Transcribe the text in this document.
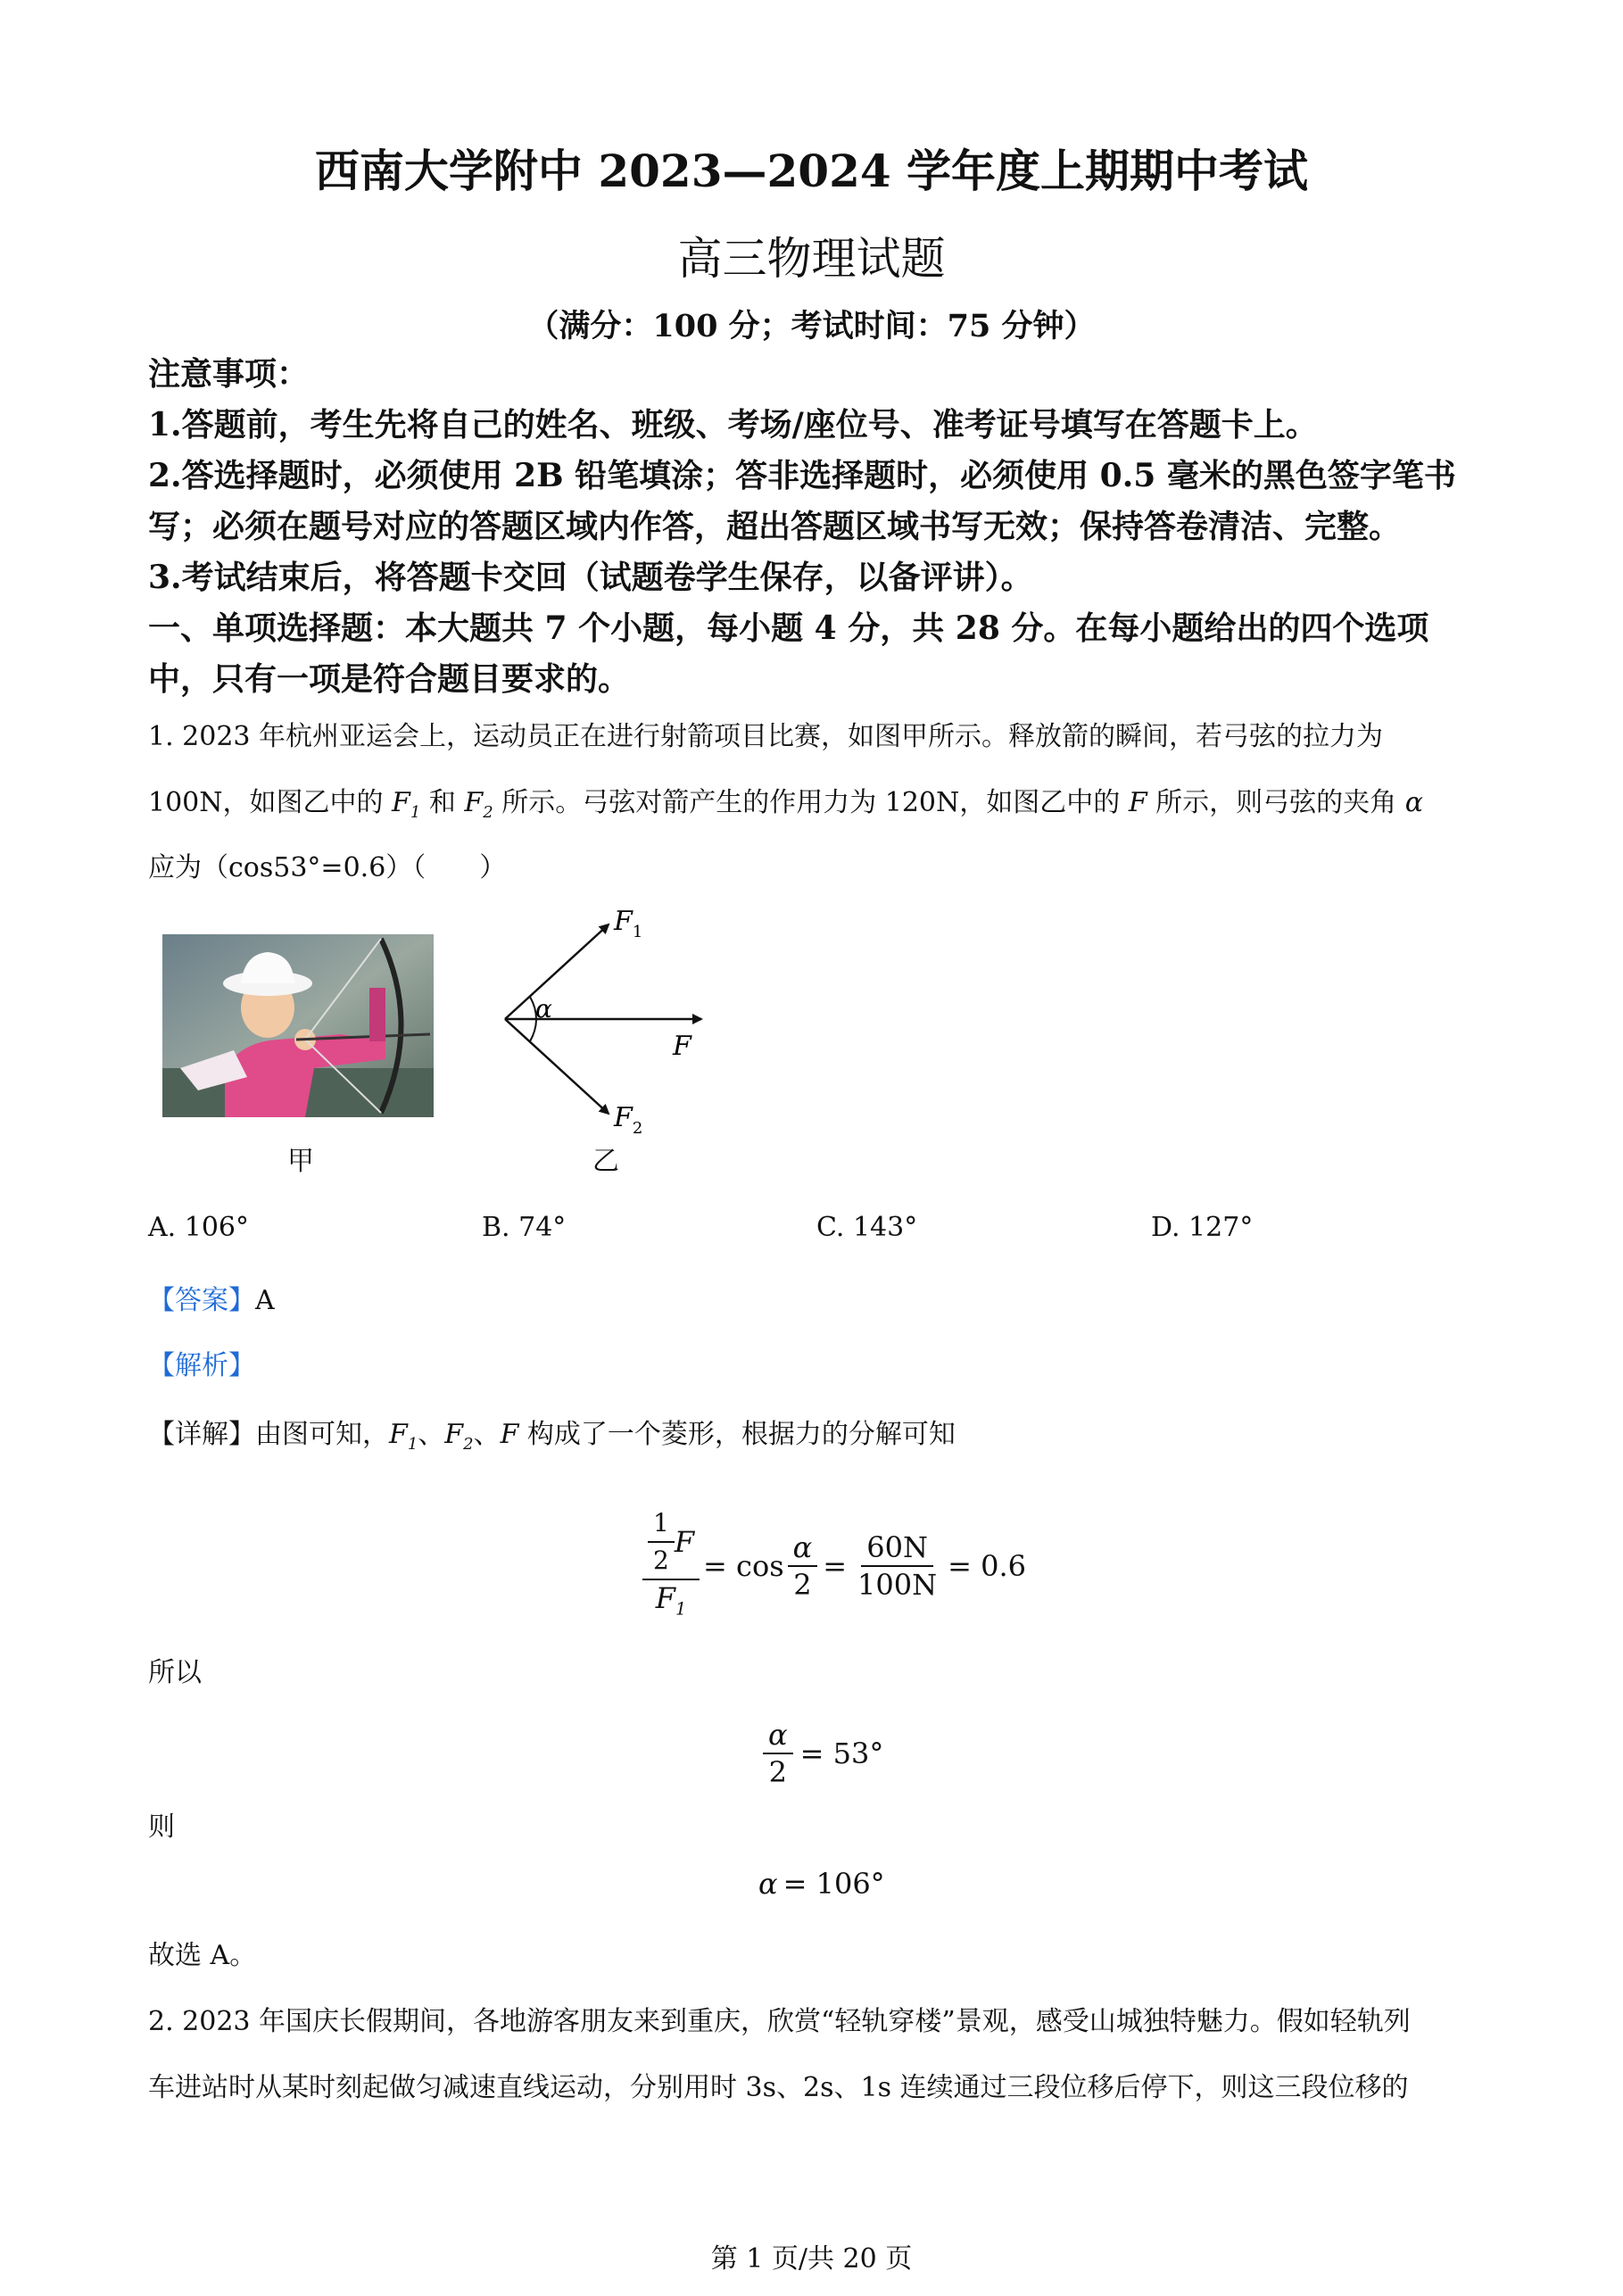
西南大学附中 2023—2024 学年度上期期中考试
高三物理试题
（满分：100 分；考试时间：75 分钟）
注意事项：
1.答题前，考生先将自己的姓名、班级、考场/座位号、准考证号填写在答题卡上。
2.答选择题时，必须使用 2B 铅笔填涂；答非选择题时，必须使用 0.5 毫米的黑色签字笔书
写；必须在题号对应的答题区域内作答，超出答题区域书写无效；保持答卷清洁、完整。
3.考试结束后，将答题卡交回（试题卷学生保存，以备评讲）。
一、单项选择题：本大题共 7 个小题，每小题 4 分，共 28 分。在每小题给出的四个选项
中，只有一项是符合题目要求的。
1. 2023 年杭州亚运会上，运动员正在进行射箭项目比赛，如图甲所示。释放箭的瞬间，若弓弦的拉力为
100N，如图乙中的 $F_1$ 和 $F_2$ 所示。弓弦对箭产生的作用力为 120N，如图乙中的 F 所示，则弓弦的夹角 α
应为（cos53°=0.6）（　　）
甲
α
$F_1$
F
$F_2$
乙
A. 106°	B. 74°	C. 143°	D. 127°
【答案】A
【解析】
【详解】由图可知，$F_1$、$F_2$、F 构成了一个菱形，根据力的分解可知
$\frac{\frac{1}{2} F}{F_1} = \cos \frac{\alpha}{2} = \frac{60N}{100N} = 0.6$
所以
$\frac{\alpha}{2} = 53^\circ$
则
α = 106°
故选 A。
2. 2023 年国庆长假期间，各地游客朋友来到重庆，欣赏“轻轨穿楼”景观，感受山城独特魅力。假如轻轨列
车进站时从某时刻起做匀减速直线运动，分别用时 3s、2s、1s 连续通过三段位移后停下，则这三段位移的
第 1 页/共 20 页
